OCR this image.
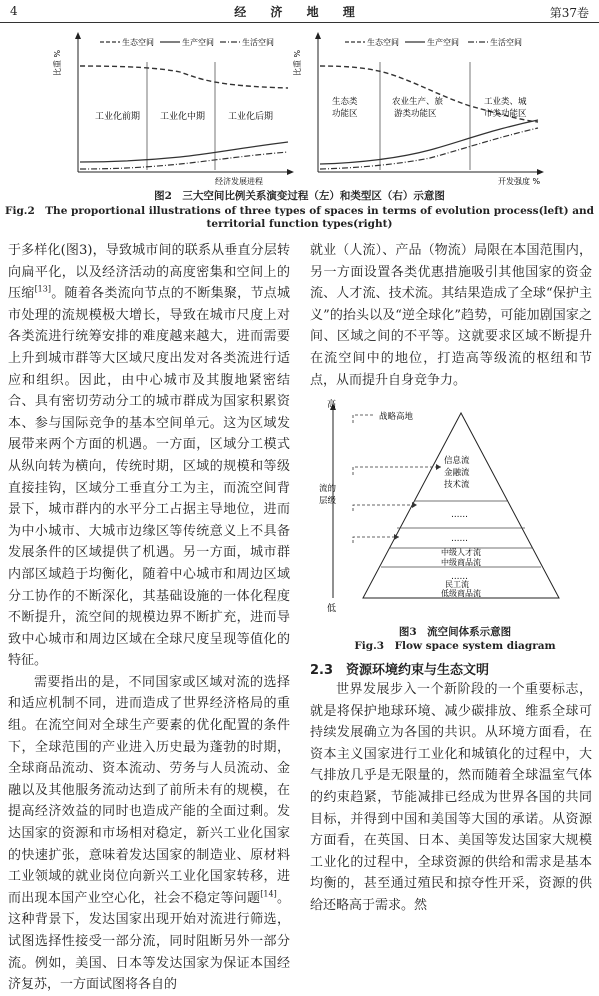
4	经 济 地 理	第37卷
比重 %
经济发展进程
生态空间	生产空间	生活空间
工业化前期 工业化中期	工业化后期
比重 %
开发强度 %
生态空间	生产空间	生活空间
生态类功能区
农业生产、旅游类功能区
工业类、城市类功能区
图2　三大空间比例关系演变过程（左）和类型区（右）示意图
Fig.2　The proportional illustrations of three types of spaces in terms of evolution process(left) and
territorial function types(right)

于多样化(图3)，导致城市间的联系从垂直分层转向扁平化，以及经济活动的高度密集和空间上的压缩[13]。随着各类流向节点的不断集聚，节点城市处理的流规模极大增长，导致在城市尺度上对各类流进行统筹安排的难度越来越大，进而需要上升到城市群等大区域尺度出发对各类流进行适应和组织。因此，由中心城市及其腹地紧密结合、具有密切劳动分工的城市群成为国家积累资本、参与国际竞争的基本空间单元。这为区域发展带来两个方面的机遇。一方面，区域分工模式从纵向转为横向，传统时期，区域的规模和等级直接挂钩，区域分工垂直分工为主，而流空间背景下，城市群内的水平分工占据主导地位，进而为中小城市、大城市边缘区等传统意义上不具备发展条件的区域提供了机遇。另一方面，城市群内部区域趋于均衡化，随着中心城市和周边区域分工协作的不断深化，其基础设施的一体化程度不断提升，流空间的规模边界不断扩充，进而导致中心城市和周边区域在全球尺度呈现等值化的特征。

需要指出的是，不同国家或区域对流的选择和适应机制不同，进而造成了世界经济格局的重组。在流空间对全球生产要素的优化配置的条件下，全球范围的产业进入历史最为蓬勃的时期，全球商品流动、资本流动、劳务与人员流动、金融以及其他服务流动达到了前所未有的规模，在提高经济效益的同时也造成产能的全面过剩。发达国家的资源和市场相对稳定，新兴工业化国家的快速扩张，意味着发达国家的制造业、原材料工业领域的就业岗位向新兴工业化国家转移，进而出现本国产业空心化，社会不稳定等问题[14]。这种背景下，发达国家出现开始对流进行筛选，试图选择性接受一部分流，同时阻断另外一部分流。例如，美国、日本等发达国家为保证本国经济复苏，一方面试图将各自的

就业（人流）、产品（物流）局限在本国范围内，另一方面设置各类优惠措施吸引其他国家的资金流、人才流、技术流。其结果造成了全球“保护主义”的抬头以及“逆全球化”趋势，可能加剧国家之间、区域之间的不平等。这就要求区域不断提升在流空间中的地位，打造高等级流的枢纽和节点，从而提升自身竞争力。

高
低
流的层级
战略高地
信息流
金融流
技术流
……
……
中级人才流
中级商品流
……
民工流
低级商品流
图3　流空间体系示意图
Fig.3　Flow space system diagram
2.3　资源环境约束与生态文明

世界发展步入一个新阶段的一个重要标志，就是将保护地球环境、减少碳排放、维系全球可持续发展确立为各国的共识。从环境方面看，在资本主义国家进行工业化和城镇化的过程中，大气排放几乎是无限量的，然而随着全球温室气体的约束趋紧，节能减排已经成为世界各国的共同目标，并得到中国和美国等大国的承诺。从资源方面看，在英国、日本、美国等发达国家大规模工业化的过程中，全球资源的供给和需求是基本均衡的，甚至通过殖民和掠夺性开采，资源的供给还略高于需求。然
